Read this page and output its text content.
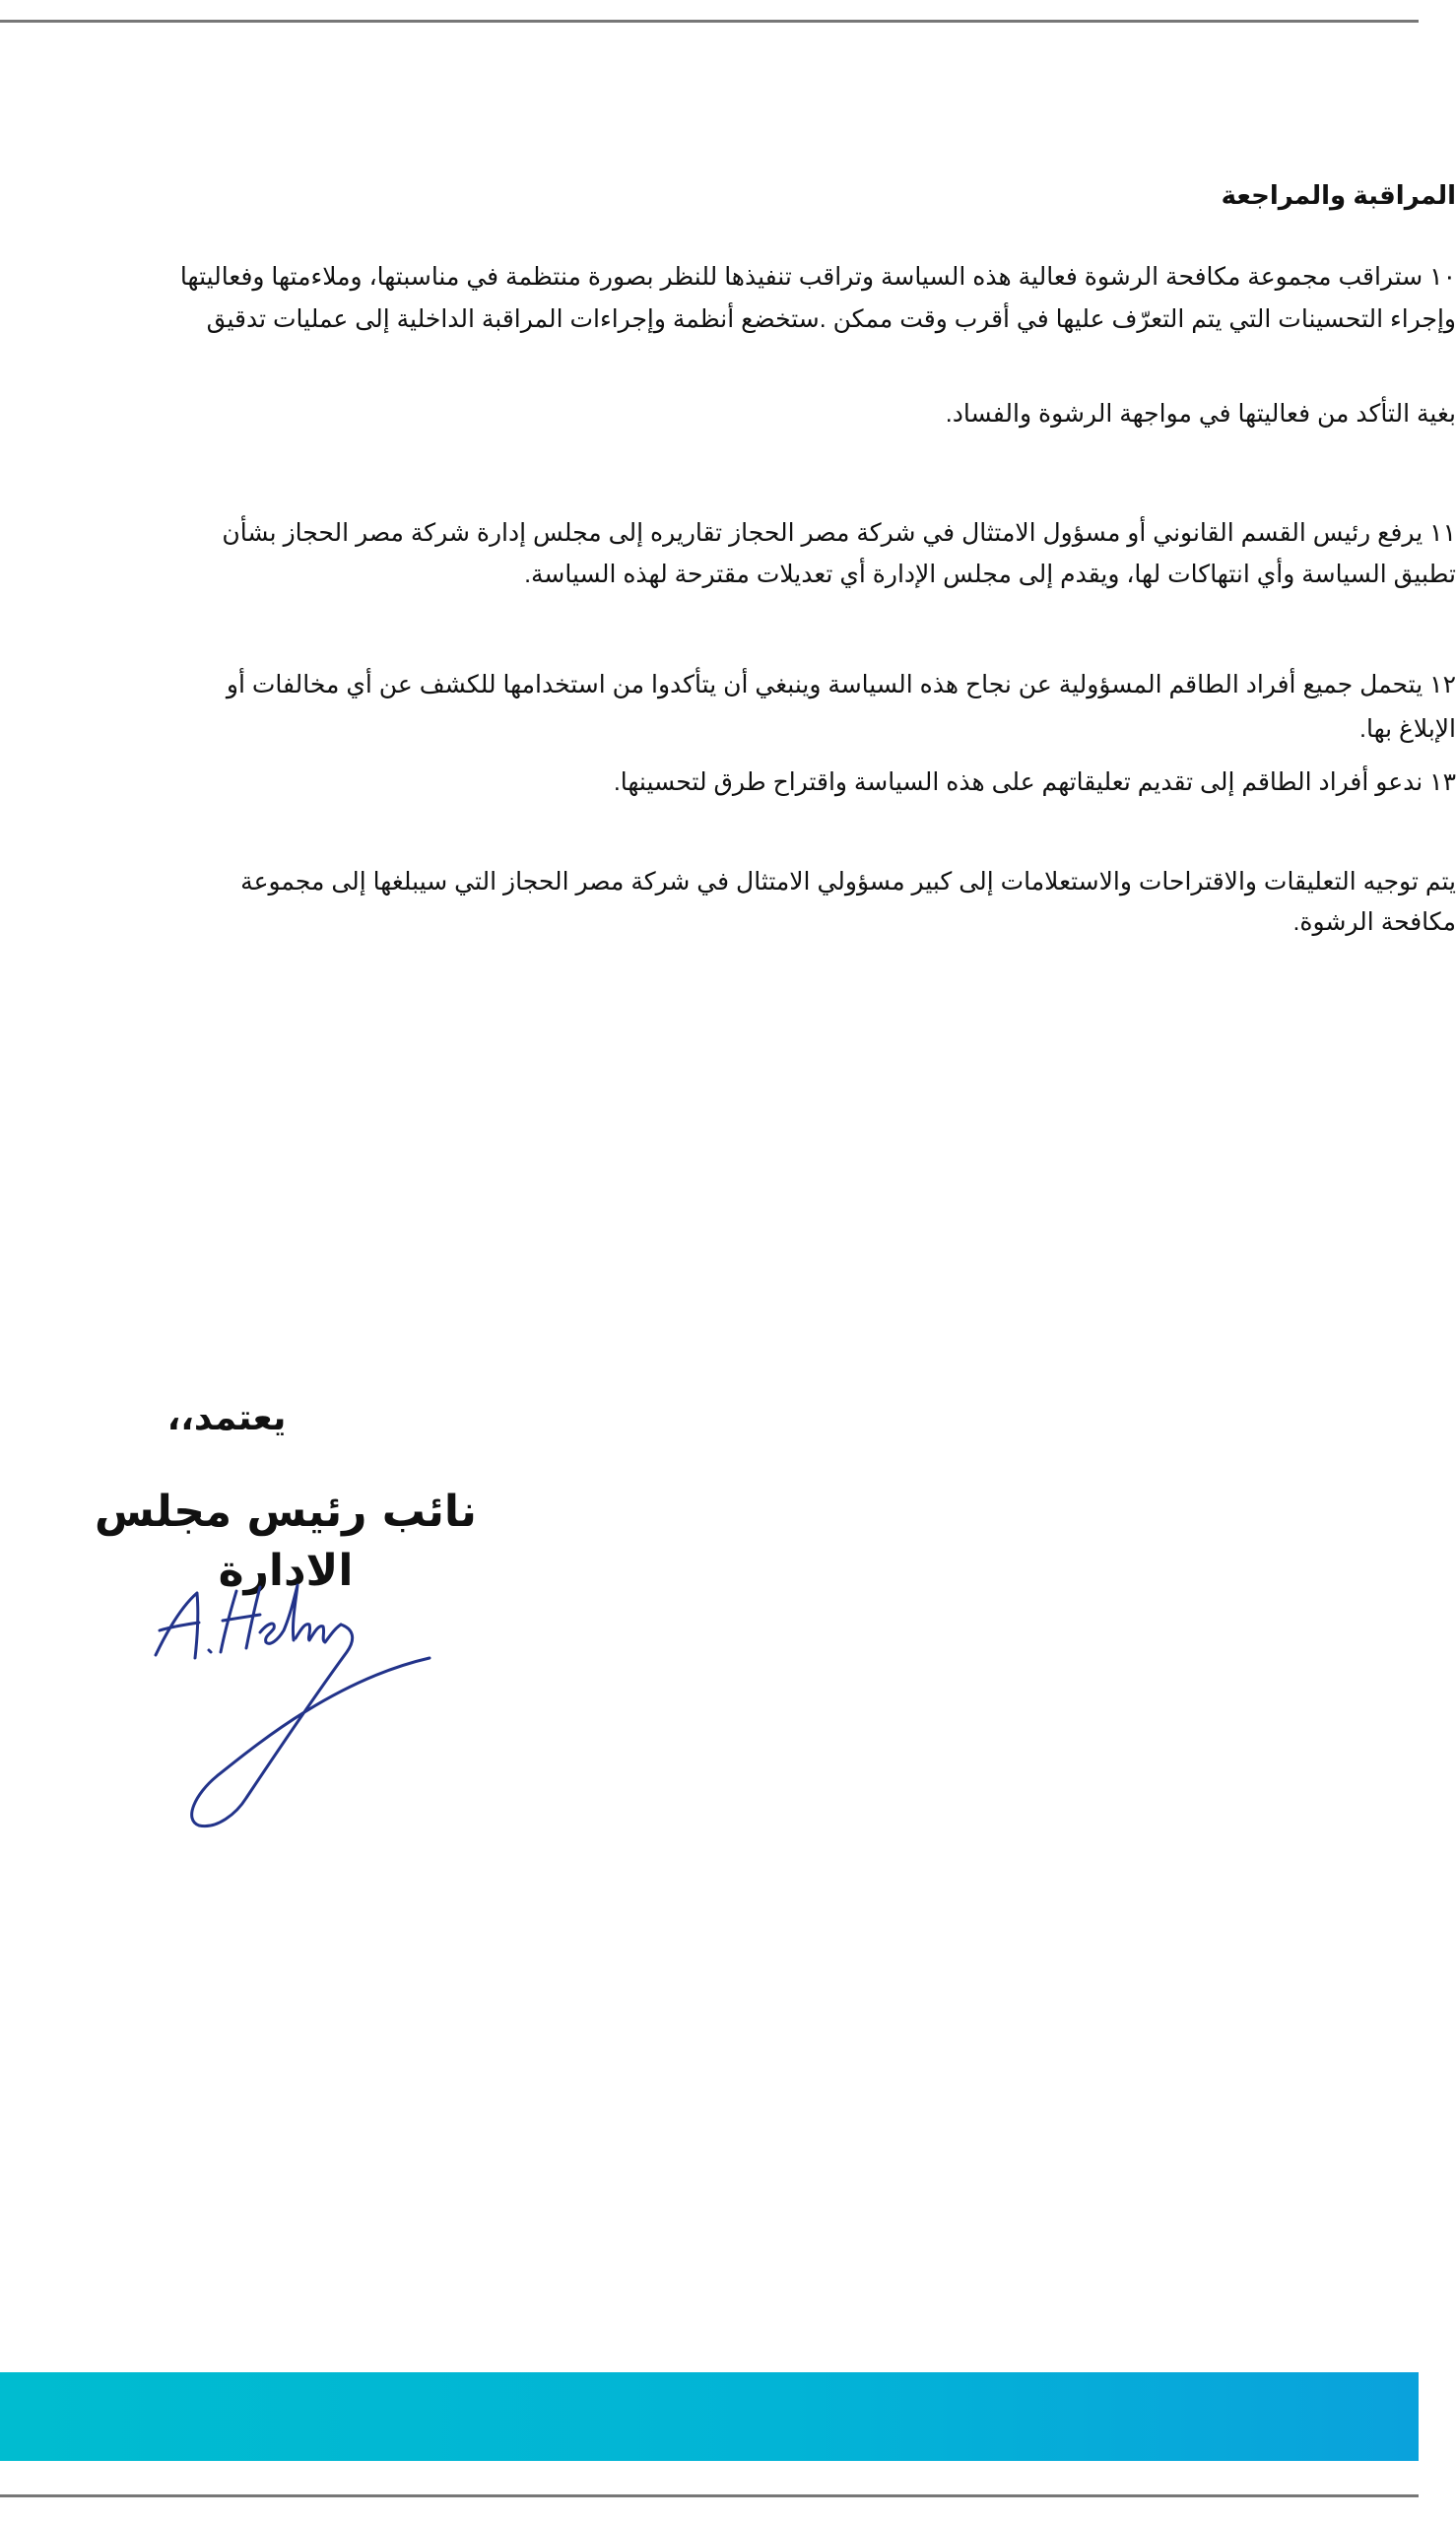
المراقبة والمراجعة
١٠ ستراقب مجموعة مكافحة الرشوة فعالية هذه السياسة وتراقب تنفيذها للنظر بصورة منتظمة في مناسبتها، وملاءمتها وفعاليتها
وإجراء التحسينات التي يتم التعرّف عليها في أقرب وقت ممكن .ستخضع أنظمة وإجراءات المراقبة الداخلية إلى عمليات تدقيق
بغية التأكد من فعاليتها في مواجهة الرشوة والفساد.
١١ يرفع رئيس القسم القانوني أو مسؤول الامتثال في شركة مصر الحجاز تقاريره إلى مجلس إدارة شركة مصر الحجاز بشأن
تطبيق السياسة وأي انتهاكات لها، ويقدم إلى مجلس الإدارة أي تعديلات مقترحة لهذه السياسة.
١٢ يتحمل جميع أفراد الطاقم المسؤولية عن نجاح هذه السياسة وينبغي أن يتأكدوا من استخدامها للكشف عن أي مخالفات أو
الإبلاغ بها.
١٣ ندعو أفراد الطاقم إلى تقديم تعليقاتهم على هذه السياسة واقتراح طرق لتحسينها.
يتم توجيه التعليقات والاقتراحات والاستعلامات إلى كبير مسؤولي الامتثال في شركة مصر الحجاز التي سيبلغها إلى مجموعة
مكافحة الرشوة.
يعتمد،،
نائب رئيس مجلس الادارة
